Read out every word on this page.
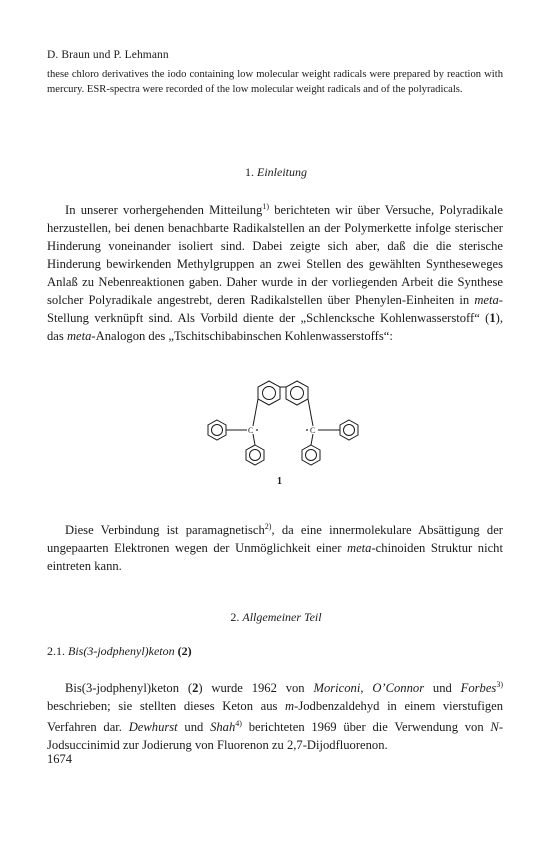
D. Braun und P. Lehmann
these chloro derivatives the iodo containing low molecular weight radicals were prepared by reaction with mercury. ESR-spectra were recorded of the low molecular weight radicals and of the polyradicals.
1. Einleitung
In unserer vorhergehenden Mitteilung$^{1)}$ berichteten wir über Versuche, Polyradikale herzustellen, bei denen benachbarte Radikalstellen an der Polymerkette infolge sterischer Hinderung voneinander isoliert sind. Dabei zeigte sich aber, daß die die sterische Hinderung bewirkenden Methylgruppen an zwei Stellen des gewählten Syntheseweges Anlaß zu Nebenreaktionen gaben. Daher wurde in der vorliegenden Arbeit die Synthese solcher Polyradikale angestrebt, deren Radikalstellen über Phenylen-Einheiten in meta-Stellung verknüpft sind. Als Vorbild diente der „Schlencksche Kohlenwasserstoff“ (1), das meta-Analogon des „Tschitschibabinschen Kohlenwasserstoffs“:
C	C
1
Diese Verbindung ist paramagnetisch$^{2)}$, da eine innermolekulare Absättigung der ungepaarten Elektronen wegen der Unmöglichkeit einer meta-chinoiden Struktur nicht eintreten kann.
2. Allgemeiner Teil
2.1. Bis(3-jodphenyl)keton (2)
Bis(3-jodphenyl)keton (2) wurde 1962 von Moriconi, O’Connor und Forbes$^{3)}$ beschrieben; sie stellten dieses Keton aus m-Jodbenzaldehyd in einem vierstufigen Verfahren dar. Dewhurst und Shah$^{4)}$ berichteten 1969 über die Verwendung von N-Jodsuccinimid zur Jodierung von Fluorenon zu 2,7-Dijodfluorenon.
1674
